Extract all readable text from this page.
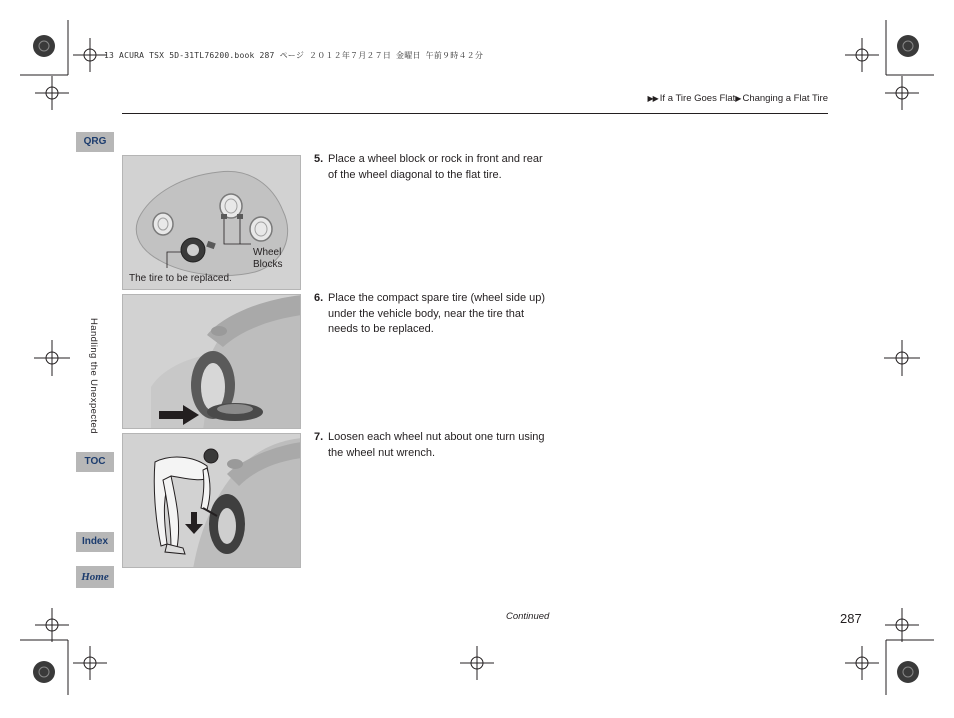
13 ACURA TSX 5D-31TL76200.book 287 ページ ２０１２年７月２７日 金曜日 午前９時４２分
▶▶ If a Tire Goes Flat▶ Changing a Flat Tire
QRG
Handling the Unexpected
TOC
Index
Home
Wheel
Blocks
The tire to be replaced.
5. Place a wheel block or rock in front and rear of the wheel diagonal to the flat tire.
6. Place the compact spare tire (wheel side up) under the vehicle body, near the tire that needs to be replaced.
7. Loosen each wheel nut about one turn using the wheel nut wrench.
Continued	287
